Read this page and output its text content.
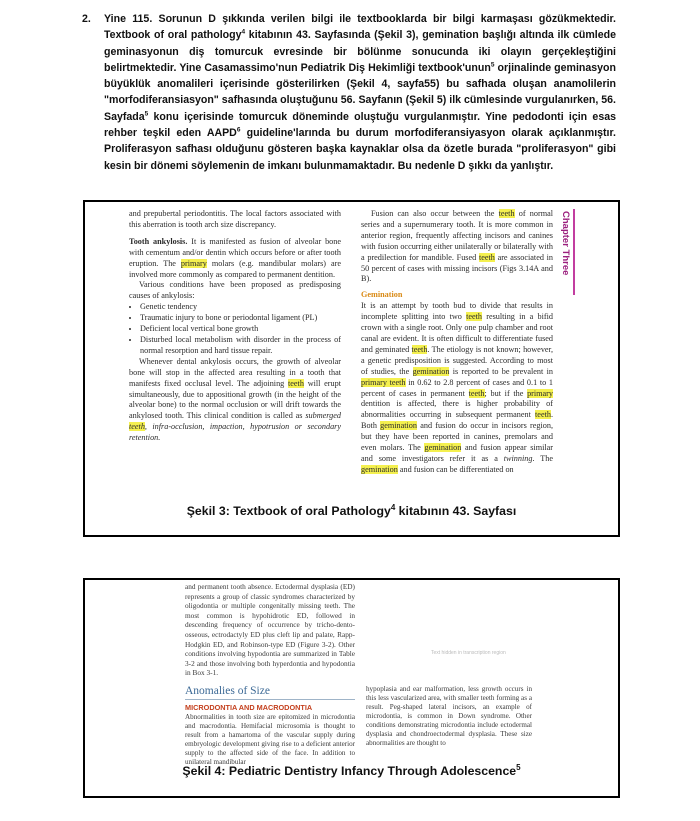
2. Yine 115. Sorunun D şıkkında verilen bilgi ile textbooklarda bir bilgi karmaşası gözükmektedir. Textbook of oral pathology$^4$ kitabının 43. Sayfasında (Şekil 3), gemination başlığı altında ilk cümlede geminasyonun diş tomurcuk evresinde bir bölünme sonucunda iki olayın gerçekleştiğini belirtmektedir. Yine Casamassimo'nun Pediatrik Diş Hekimliği textbook'unun$^5$ orjinalinde geminasyon büyüklük anomalileri içerisinde gösterilirken (Şekil 4, sayfa55) bu safhada oluşan anamolilerin "morfodiferansiasyon" safhasında oluştuğunu 56. Sayfanın (Şekil 5) ilk cümlesinde vurgulanırken, 56. Sayfada$^5$ konu içerisinde tomurcuk döneminde oluştuğu vurgulanmıştır. Yine pedodonti için esas rehber teşkil eden AAPD$^6$ guideline'larında bu durum morfodiferansiyasyon olarak açıklanmıştır. Proliferasyon safhası olduğunu gösteren başka kaynaklar olsa da özetle burada "proliferasyon" gibi kesin bir dönemi söylemenin de imkanı bulunmamaktadır. Bu nedenle D şıkkı da yanlıştır.

and prepubertal periodontitis. The local factors associated with this aberration is tooth arch size discrepancy.

Tooth ankylosis. It is manifested as fusion of alveolar bone with cementum and/or dentin which occurs before or after tooth eruption. The primary molars (e.g. mandibular molars) are involved more commonly as compared to permanent dentition.

Various conditions have been proposed as predisposing causes of ankylosis:

• Genetic tendency
• Traumatic injury to bone or periodontal ligament (PL)
• Deficient local vertical bone growth
• Disturbed local metabolism with disorder in the process of normal resorption and hard tissue repair.

Whenever dental ankylosis occurs, the growth of alveolar bone will stop in the affected area resulting in a tooth that manifests fixed occlusal level. The adjoining teeth will erupt simultaneously, due to appositional growth (in the height of the alveolar bone) to the normal occlusion or will drift towards the ankylosed tooth. This clinical condition is called as submerged teeth, infra-occlusion, impaction, hypotrusion or secondary retention.

Fusion can also occur between the teeth of normal series and a supernumerary tooth. It is more common in anterior region, frequently affecting incisors and canines with fusion occurring either unilaterally or bilaterally with a predilection for mandible. Fused teeth are associated in 50 percent of cases with missing incisors (Figs 3.14A and B).

Gemination

It is an attempt by tooth bud to divide that results in incomplete splitting into two teeth resulting in a bifid crown with a single root. Only one pulp chamber and root canal are evident. It is often difficult to differentiate fused and geminated teeth. The etiology is not known; however, a genetic predisposition is suggested. According to most of studies, the gemination is reported to be prevalent in primary teeth in 0.62 to 2.8 percent of cases and 0.1 to 1 percent of cases in permanent teeth; but if the primary dentition is affected, there is higher probability of abnormalities occurring in subsequent permanent teeth. Both gemination and fusion do occur in incisors region, but they have been reported in canines, premolars and even molars. The gemination and fusion appear similar and some investigators refer it as a twinning. The gemination and fusion can be differentiated on

Chapter Three
Şekil 3: Textbook of oral Pathology$^4$ kitabının 43. Sayfası
and permanent tooth absence. Ectodermal dysplasia (ED) represents a group of classic syndromes characterized by oligodontia or multiple congenitally missing teeth. The most common is hypohidrotic ED, followed in descending frequency of occurrence by tricho-dento-osseous, ectrodactyly ED plus cleft lip and palate, Rapp-Hodgkin ED, and Robinson-type ED (Figure 3-2). Other conditions involving hypodontia are summarized in Table 3-2 and those involving both hyperdontia and hypodontia in Box 3-1.
Text hidden in transcription region
Anomalies of Size
MICRODONTIA AND MACRODONTIA
Abnormalities in tooth size are epitomized in microdontia and macrodontia. Hemifacial microsomia is thought to result from a hamartoma of the vascular supply during embryologic development giving rise to a deficient anterior supply to the affected side of the face. In addition to unilateral mandibular
hypoplasia and ear malformation, less growth occurs in this less vascularized area, with smaller teeth forming as a result. Peg-shaped lateral incisors, an example of microdontia, is common in Down syndrome. Other conditions demonstrating microdontia include ectodermal dysplasia and chondroectodermal dysplasia. These size abnormalities are thought to
Şekil 4: Pediatric Dentistry Infancy Through Adolescence$^5$
